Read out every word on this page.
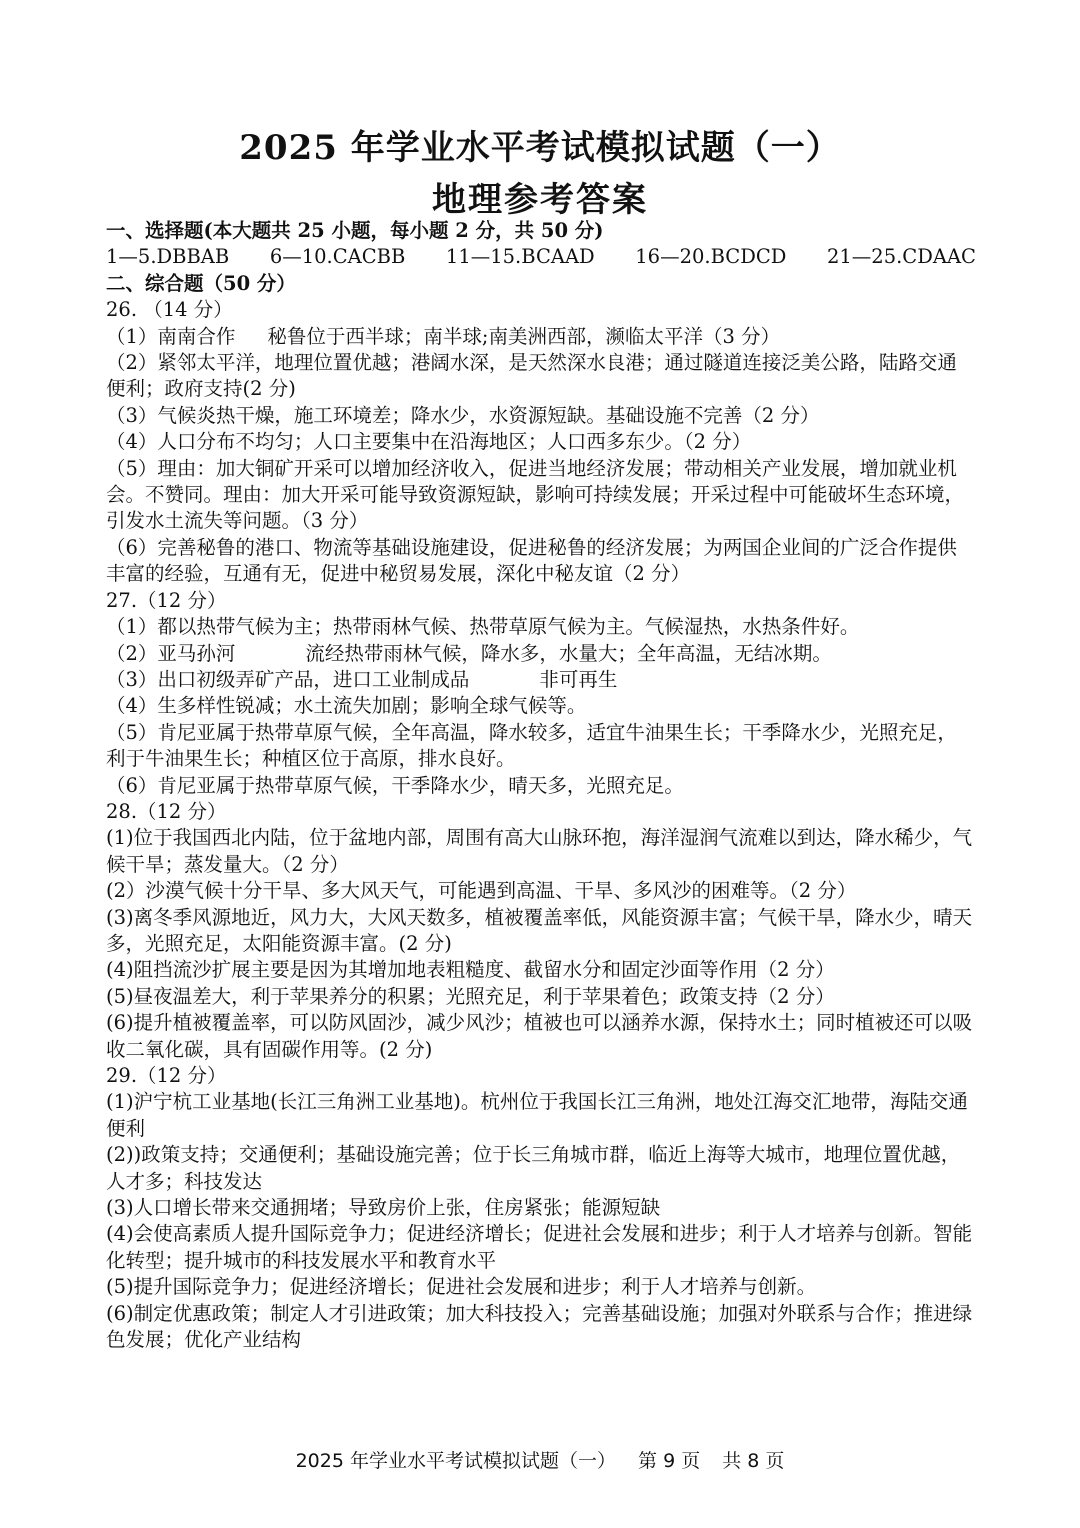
2025 年学业水平考试模拟试题（一）
地理参考答案

一、选择题(本大题共 25 小题，每小题 2 分，共 50 分)

1—5.DBBAB 6—10.CACBB 11—15.BCAAD 16—20.BCDCD 21—25.CDAAC

二、综合题（50 分）

26. （14 分）

（1）南南合作 秘鲁位于西半球；南半球;南美洲西部，濒临太平洋（3 分）

（2）紧邻太平洋，地理位置优越；港阔水深，是天然深水良港；通过隧道连接泛美公路，陆路交通便利；政府支持(2 分)

（3）气候炎热干燥，施工环境差；降水少，水资源短缺。基础设施不完善（2 分）

（4）人口分布不均匀；人口主要集中在沿海地区；人口西多东少。（2 分）

（5）理由：加大铜矿开采可以增加经济收入，促进当地经济发展；带动相关产业发展，增加就业机会。不赞同。理由：加大开采可能导致资源短缺，影响可持续发展；开采过程中可能破坏生态环境，引发水土流失等问题。（3 分）

（6）完善秘鲁的港口、物流等基础设施建设，促进秘鲁的经济发展；为两国企业间的广泛合作提供丰富的经验，互通有无，促进中秘贸易发展，深化中秘友谊（2 分）

27.（12 分）

（1）都以热带气候为主；热带雨林气候、热带草原气候为主。气候湿热，水热条件好。

（2）亚马孙河	流经热带雨林气候，降水多，水量大；全年高温，无结冰期。

（3）出口初级弄矿产品，进口工业制成品	非可再生

（4）生多样性锐减；水土流失加剧；影响全球气候等。

（5）肯尼亚属于热带草原气候，全年高温，降水较多，适宜牛油果生长；干季降水少，光照充足，利于牛油果生长；种植区位于高原，排水良好。

（6）肯尼亚属于热带草原气候，干季降水少，晴天多，光照充足。

28.（12 分）

(1)位于我国西北内陆，位于盆地内部，周围有高大山脉环抱，海洋湿润气流难以到达，降水稀少，气候干旱；蒸发量大。（2 分）

(2）沙漠气候十分干旱、多大风天气，可能遇到高温、干旱、多风沙的困难等。（2 分）

(3)离冬季风源地近，风力大，大风天数多，植被覆盖率低，风能资源丰富；气候干旱，降水少，晴天多，光照充足，太阳能资源丰富。(2 分)

(4)阻挡流沙扩展主要是因为其增加地表粗糙度、截留水分和固定沙面等作用（2 分）

(5)昼夜温差大，利于苹果养分的积累；光照充足，利于苹果着色；政策支持（2 分）

(6)提升植被覆盖率，可以防风固沙，减少风沙；植被也可以涵养水源，保持水土；同时植被还可以吸收二氧化碳，具有固碳作用等。(2 分)

29.（12 分）

(1)沪宁杭工业基地(长江三角洲工业基地)。杭州位于我国长江三角洲，地处江海交汇地带，海陆交通便利

(2))政策支持；交通便利；基础设施完善；位于长三角城市群，临近上海等大城市，地理位置优越，人才多；科技发达

(3)人口增长带来交通拥堵；导致房价上张，住房紧张；能源短缺

(4)会使高素质人提升国际竞争力；促进经济增长；促进社会发展和进步；利于人才培养与创新。智能化转型；提升城市的科技发展水平和教育水平

(5)提升国际竞争力；促进经济增长；促进社会发展和进步；利于人才培养与创新。

(6)制定优惠政策；制定人才引进政策；加大科技投入；完善基础设施；加强对外联系与合作；推进绿色发展；优化产业结构

2025 年学业水平考试模拟试题（一） 第 9 页 共 8 页
